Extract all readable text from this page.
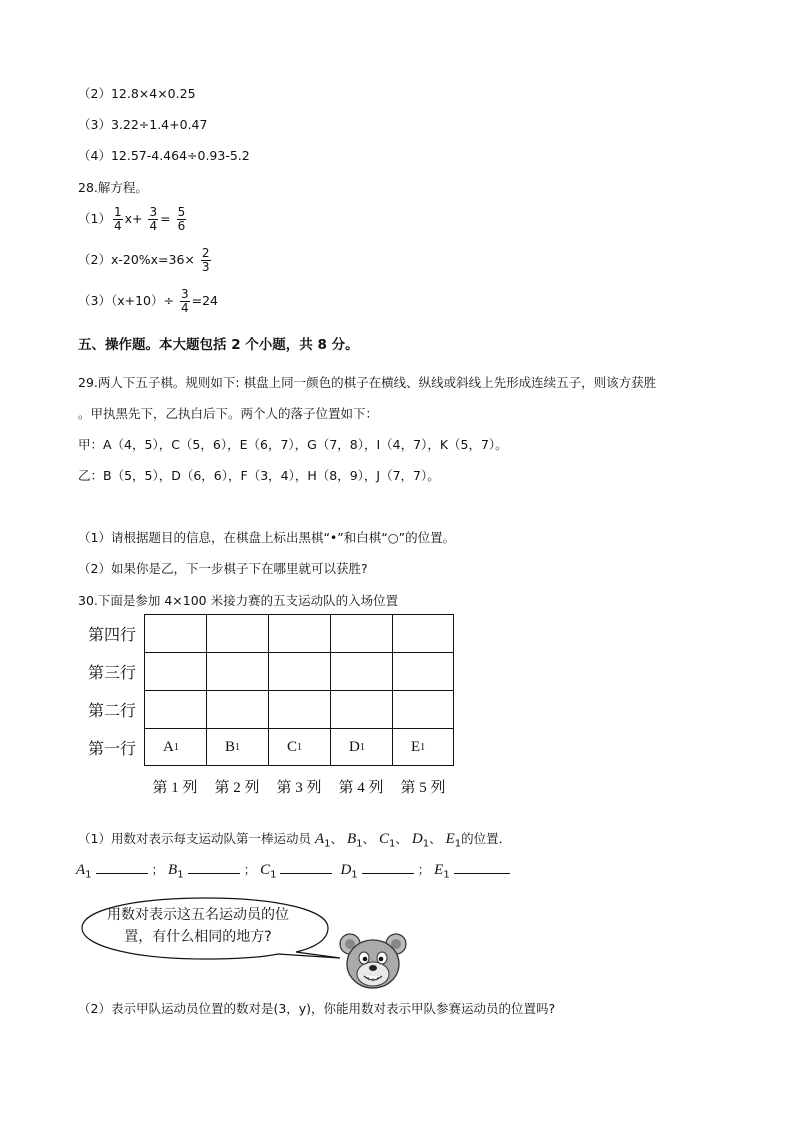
（2）12.8×4×0.25
（3）3.22÷1.4+0.47
（4）12.57-4.464÷0.93-5.2
28.解方程。
$(1) \frac{1}{4} x+ \frac{3}{4} = \frac{5}{6}$
$(2)x-20\%x=36\times \frac{2}{3}$
$(3)(x+10)\div \frac{3}{4} =24$
五、操作题。本大题包括 2 个小题，共 8 分。
29.两人下五子棋。规则如下: 棋盘上同一颜色的棋子在横线、纵线或斜线上先形成连续五子，则该方获胜
。甲执黑先下，乙执白后下。两个人的落子位置如下：
甲：A（4，5），C（5，6），E（6，7），G（7，8），I（4，7），K（5，7）。
乙：B（5，5），D（6，6），F（3，4），H（8，9），J（7，7）。
（1）请根据题目的信息，在棋盘上标出黑棋“•”和白棋“○”的位置。
（2）如果你是乙，下一步棋子下在哪里就可以获胜?
30.下面是参加 4×100 米接力赛的五支运动队的入场位置
第四行
第三行
第二行
第一行	A 1	B 1	C 1	D 1	E 1
第 1 列	第 2 列	第 3 列	第 4 列	第 5 列
（1）用数对表示每支运动队第一棒运动员 $A_1$、 $B_1$、 $C_1$、 $D_1$、 $E_1$的位置．
$A_1$	； $B_1$	； $C_1$	$D_1$	； $E_1$
用数对表示这五名运动员的位
置，有什么相同的地方?
（2）表示甲队运动员位置的数对是(3，y)，你能用数对表示甲队参赛运动员的位置吗?
